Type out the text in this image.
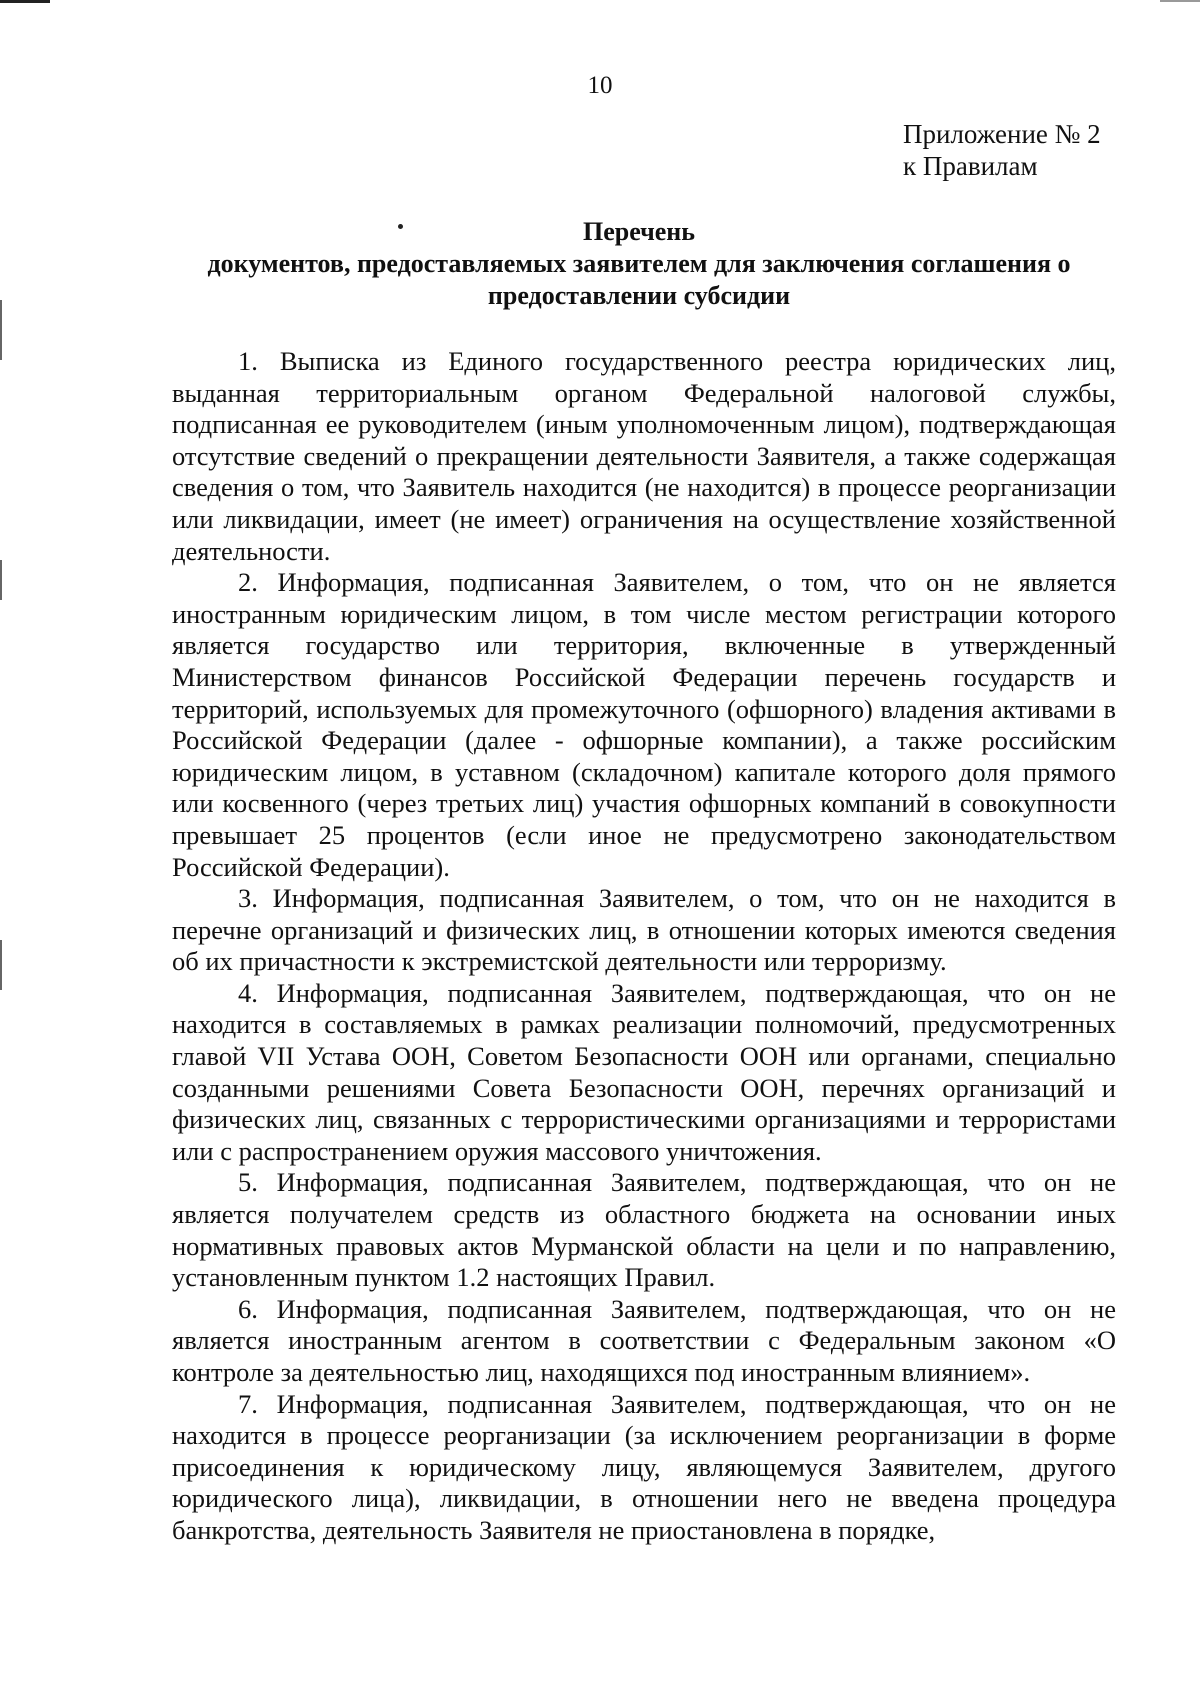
10
Приложение № 2
к Правилам
Перечень
документов, предоставляемых заявителем для заключения соглашения о предоставлении субсидии

1. Выписка из Единого государственного реестра юридических лиц, выданная территориальным органом Федеральной налоговой службы, подписанная ее руководителем (иным уполномоченным лицом), подтверждающая отсутствие сведений о прекращении деятельности Заявителя, а также содержащая сведения о том, что Заявитель находится (не находится) в процессе реорганизации или ликвидации, имеет (не имеет) ограничения на осуществление хозяйственной деятельности.

2. Информация, подписанная Заявителем, о том, что он не является иностранным юридическим лицом, в том числе местом регистрации которого является государство или территория, включенные в утвержденный Министерством финансов Российской Федерации перечень государств и территорий, используемых для промежуточного (офшорного) владения активами в Российской Федерации (далее - офшорные компании), а также российским юридическим лицом, в уставном (складочном) капитале которого доля прямого или косвенного (через третьих лиц) участия офшорных компаний в совокупности превышает 25 процентов (если иное не предусмотрено законодательством Российской Федерации).

3. Информация, подписанная Заявителем, о том, что он не находится в перечне организаций и физических лиц, в отношении которых имеются сведения об их причастности к экстремистской деятельности или терроризму.

4. Информация, подписанная Заявителем, подтверждающая, что он не находится в составляемых в рамках реализации полномочий, предусмотренных главой VII Устава ООН, Советом Безопасности ООН или органами, специально созданными решениями Совета Безопасности ООН, перечнях организаций и физических лиц, связанных с террористическими организациями и террористами или с распространением оружия массового уничтожения.

5. Информация, подписанная Заявителем, подтверждающая, что он не является получателем средств из областного бюджета на основании иных нормативных правовых актов Мурманской области на цели и по направлению, установленным пунктом 1.2 настоящих Правил.

6. Информация, подписанная Заявителем, подтверждающая, что он не является иностранным агентом в соответствии с Федеральным законом «О контроле за деятельностью лиц, находящихся под иностранным влиянием».

7. Информация, подписанная Заявителем, подтверждающая, что он не находится в процессе реорганизации (за исключением реорганизации в форме присоединения к юридическому лицу, являющемуся Заявителем, другого юридического лица), ликвидации, в отношении него не введена процедура банкротства, деятельность Заявителя не приостановлена в порядке,
